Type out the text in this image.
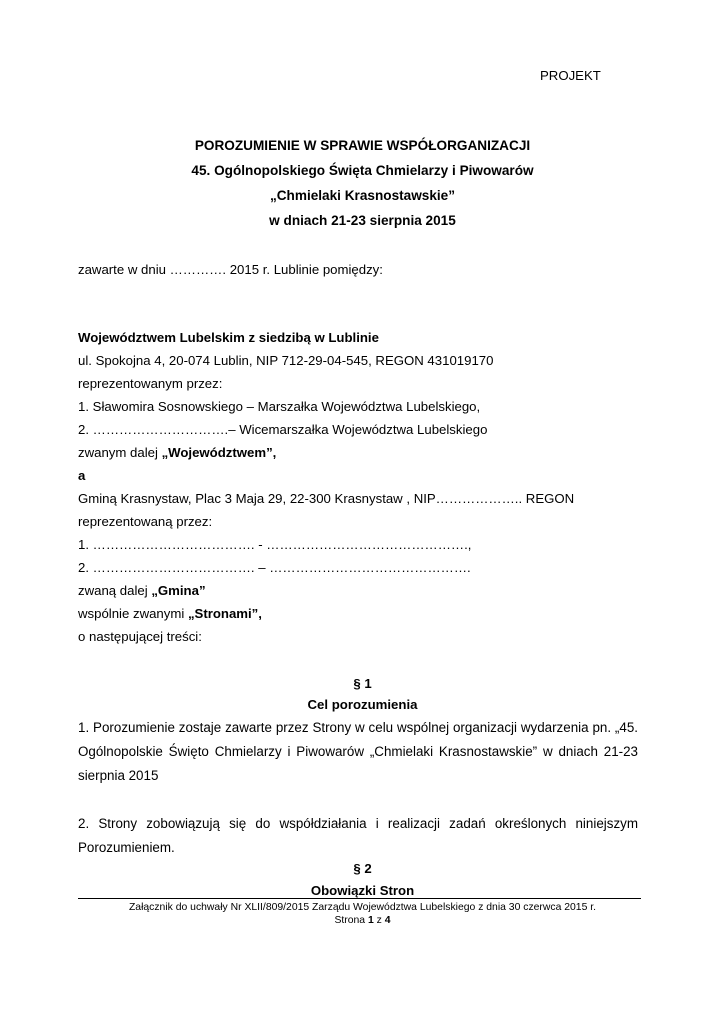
PROJEKT
POROZUMIENIE W SPRAWIE WSPÓŁORGANIZACJI
45. Ogólnopolskiego Święta Chmielarzy i Piwowarów
„Chmielaki Krasnostawskie”
w dniach 21-23 sierpnia 2015
zawarte w dniu …………. 2015 r. Lublinie pomiędzy:
Województwem Lubelskim z siedzibą w Lublinie
ul. Spokojna 4, 20-074 Lublin, NIP 712-29-04-545, REGON 431019170
reprezentowanym przez:
1. Sławomira Sosnowskiego – Marszałka Województwa Lubelskiego,
2. ………………………….– Wicemarszałka Województwa Lubelskiego
zwanym dalej „Województwem”,
a
Gminą Krasnystaw, Plac 3 Maja 29, 22-300 Krasnystaw , NIP……………….. REGON
reprezentowaną przez:
1. ………………………………. - ……………………………………….,
2. ………………………………. – ……………………………………….
zwaną dalej „Gmina”
wspólnie zwanymi „Stronami”,
o następującej treści:
§ 1
Cel porozumienia
1. Porozumienie zostaje zawarte przez Strony w celu wspólnej organizacji wydarzenia pn. „45. Ogólnopolskie Święto Chmielarzy i Piwowarów „Chmielaki Krasnostawskie” w dniach 21-23 sierpnia 2015
2. Strony zobowiązują się do współdziałania i realizacji zadań określonych niniejszym Porozumieniem.
§ 2
Obowiązki Stron
Załącznik do uchwały Nr XLII/809/2015 Zarządu Województwa Lubelskiego z dnia 30 czerwca 2015 r.
Strona 1 z 4
